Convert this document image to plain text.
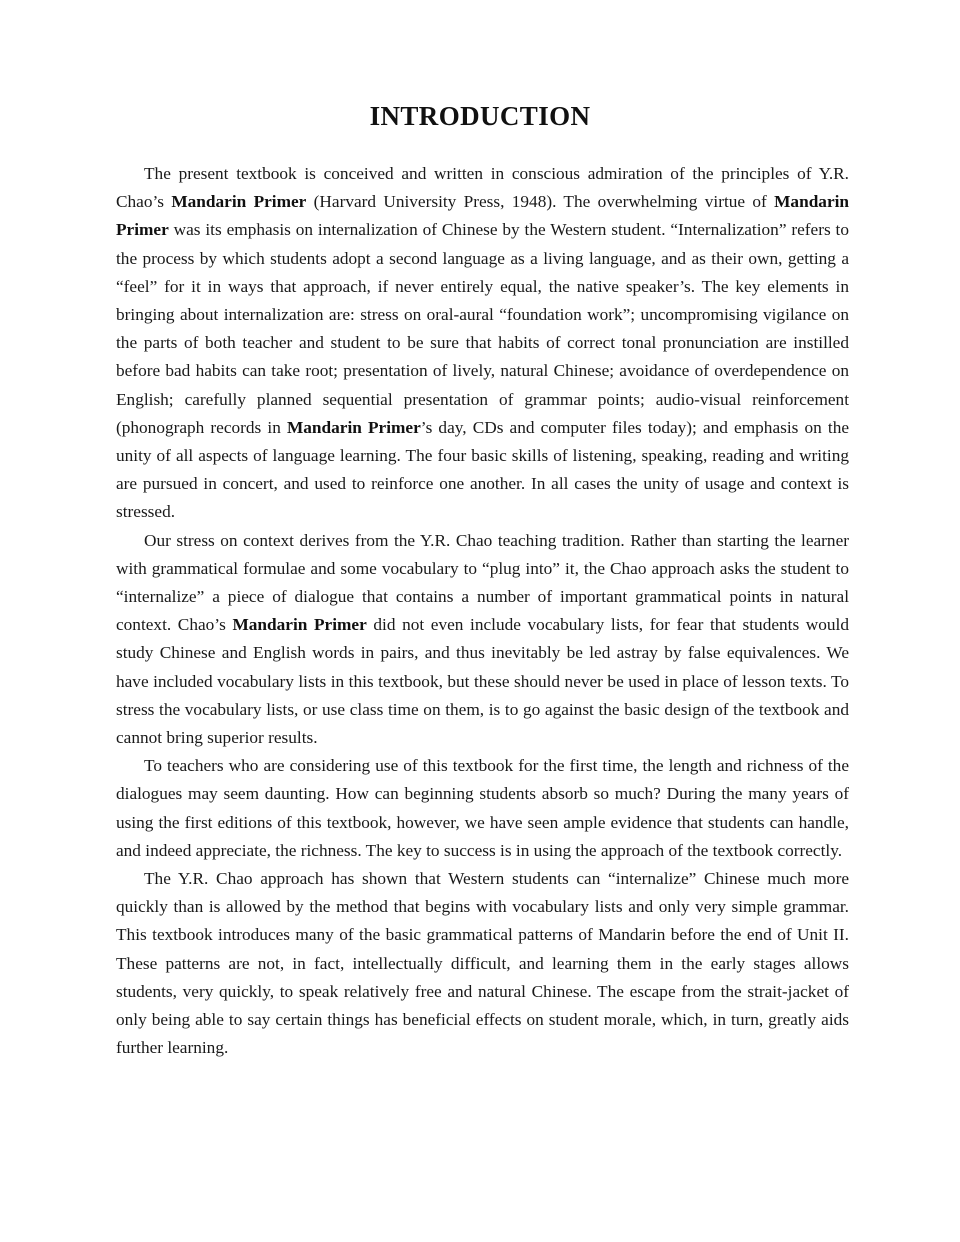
INTRODUCTION

The present textbook is conceived and written in conscious admiration of the principles of Y.R. Chao’s Mandarin Primer (Harvard University Press, 1948). The overwhelming virtue of Mandarin Primer was its emphasis on internalization of Chinese by the Western student. “Internalization” refers to the process by which students adopt a second language as a living language, and as their own, getting a “feel” for it in ways that approach, if never entirely equal, the native speaker’s. The key elements in bringing about internalization are: stress on oral-aural “foundation work”; uncompromising vigilance on the parts of both teacher and student to be sure that habits of correct tonal pronunciation are instilled before bad habits can take root; presentation of lively, natural Chinese; avoidance of overdependence on English; carefully planned sequential presentation of grammar points; audio-visual reinforcement (phonograph records in Mandarin Primer’s day, CDs and computer files today); and emphasis on the unity of all aspects of language learning. The four basic skills of listening, speaking, reading and writing are pursued in concert, and used to reinforce one another. In all cases the unity of usage and context is stressed.

Our stress on context derives from the Y.R. Chao teaching tradition. Rather than starting the learner with grammatical formulae and some vocabulary to “plug into” it, the Chao approach asks the student to “internalize” a piece of dialogue that contains a number of important grammatical points in natural context. Chao’s Mandarin Primer did not even include vocabulary lists, for fear that students would study Chinese and English words in pairs, and thus inevitably be led astray by false equivalences. We have included vocabulary lists in this textbook, but these should never be used in place of lesson texts. To stress the vocabulary lists, or use class time on them, is to go against the basic design of the textbook and cannot bring superior results.

To teachers who are considering use of this textbook for the first time, the length and richness of the dialogues may seem daunting. How can beginning students absorb so much? During the many years of using the first editions of this textbook, however, we have seen ample evidence that students can handle, and indeed appreciate, the richness. The key to success is in using the approach of the textbook correctly.

The Y.R. Chao approach has shown that Western students can “internalize” Chinese much more quickly than is allowed by the method that begins with vocabulary lists and only very simple grammar. This textbook introduces many of the basic grammatical patterns of Mandarin before the end of Unit II. These patterns are not, in fact, intellectually difficult, and learning them in the early stages allows students, very quickly, to speak relatively free and natural Chinese. The escape from the strait-jacket of only being able to say certain things has beneficial effects on student morale, which, in turn, greatly aids further learning.
